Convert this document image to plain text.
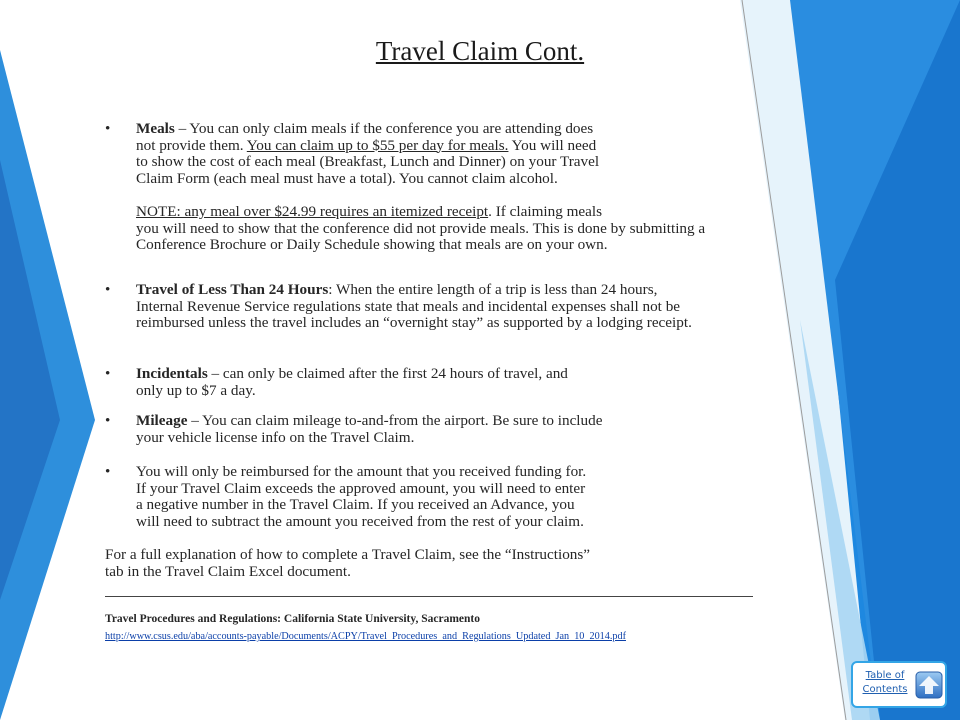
Travel Claim Cont.
• Meals – You can only claim meals if the conference you are attending does
not provide them. You can claim up to $55 per day for meals. You will need
to show the cost of each meal (Breakfast, Lunch and Dinner) on your Travel
Claim Form (each meal must have a total). You cannot claim alcohol.
NOTE: any meal over $24.99 requires an itemized receipt. If claiming meals
you will need to show that the conference did not provide meals. This is done by submitting a
Conference Brochure or Daily Schedule showing that meals are on your own.
• Travel of Less Than 24 Hours: When the entire length of a trip is less than 24 hours,
Internal Revenue Service regulations state that meals and incidental expenses shall not be
reimbursed unless the travel includes an “overnight stay” as supported by a lodging receipt.
• Incidentals – can only be claimed after the first 24 hours of travel, and
only up to $7 a day.
• Mileage – You can claim mileage to-and-from the airport. Be sure to include
your vehicle license info on the Travel Claim.
• You will only be reimbursed for the amount that you received funding for.
If your Travel Claim exceeds the approved amount, you will need to enter
a negative number in the Travel Claim. If you received an Advance, you
will need to subtract the amount you received from the rest of your claim.
For a full explanation of how to complete a Travel Claim, see the “Instructions”
tab in the Travel Claim Excel document.
Travel Procedures and Regulations: California State University, Sacramento
http://www.csus.edu/aba/accounts-payable/Documents/ACPY/Travel_Procedures_and_Regulations_Updated_Jan_10_2014.pdf
Table of Contents
